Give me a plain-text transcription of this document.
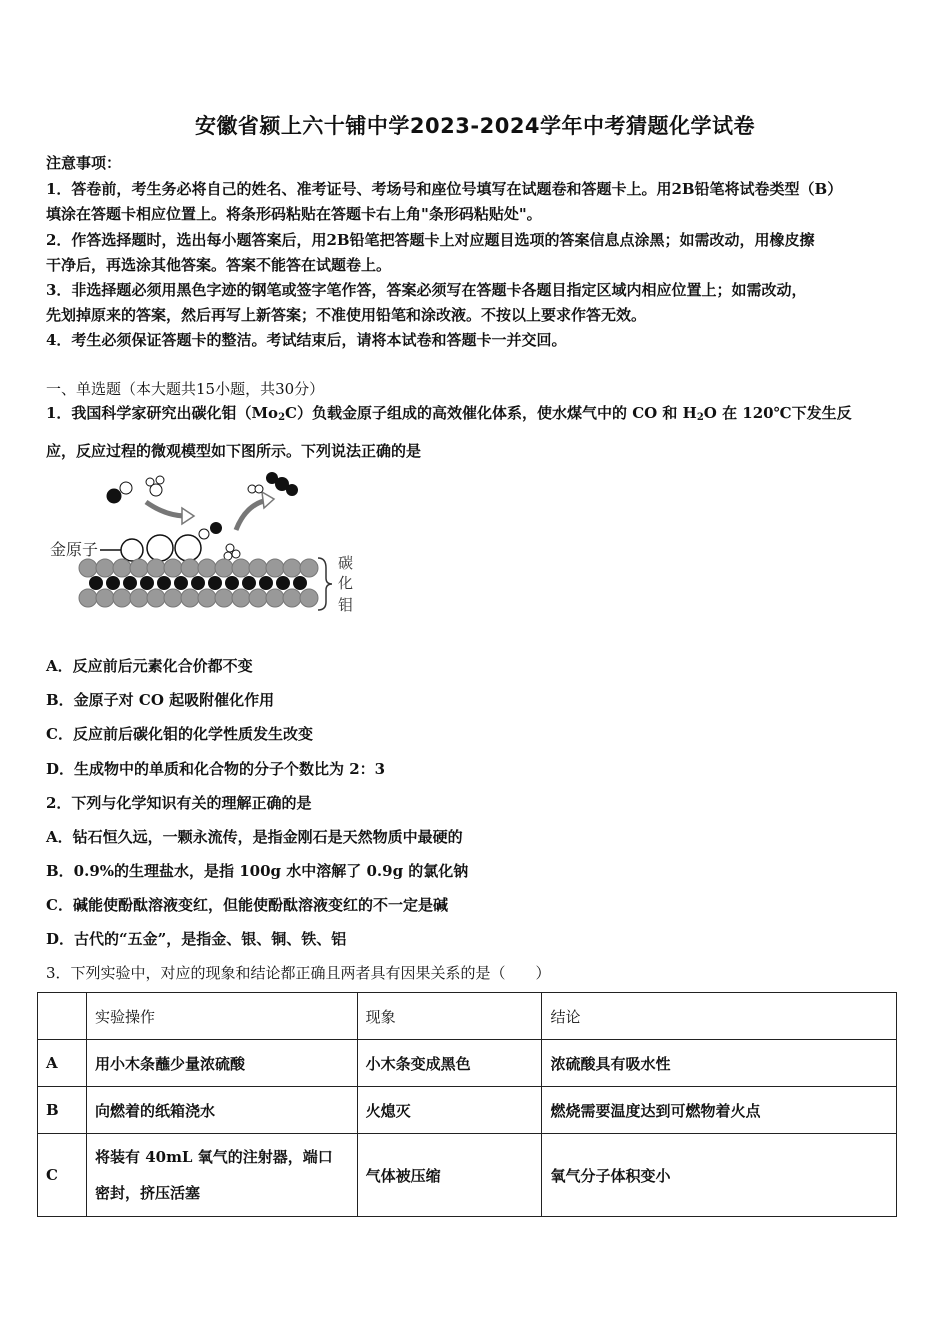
安徽省颍上六十铺中学2023-2024学年中考猜题化学试卷
注意事项：
1．答卷前，考生务必将自己的姓名、准考证号、考场号和座位号填写在试题卷和答题卡上。用2B铅笔将试卷类型（B）
填涂在答题卡相应位置上。将条形码粘贴在答题卡右上角"条形码粘贴处"。
2．作答选择题时，选出每小题答案后，用2B铅笔把答题卡上对应题目选项的答案信息点涂黑；如需改动，用橡皮擦
干净后，再选涂其他答案。答案不能答在试题卷上。
3．非选择题必须用黑色字迹的钢笔或签字笔作答，答案必须写在答题卡各题目指定区域内相应位置上；如需改动，
先划掉原来的答案，然后再写上新答案；不准使用铅笔和涂改液。不按以上要求作答无效。
4．考生必须保证答题卡的整洁。考试结束后，请将本试卷和答题卡一并交回。
一、单选题（本大题共15小题，共30分）
1．我国科学家研究出碳化钼$(Mo_2C)$负载金原子组成的高效催化体系，使水煤气中的 CO 和 $H_2O$ 在 120℃下发生反
应，反应过程的微观模型如下图所示。下列说法正确的是
金原子
碳
化
钼
A．反应前后元素化合价都不变
B．金原子对 CO 起吸附催化作用
C．反应前后碳化钼的化学性质发生改变
D．生成物中的单质和化合物的分子个数比为 2：3
2．下列与化学知识有关的理解正确的是
A．钻石恒久远，一颗永流传，是指金刚石是天然物质中最硬的
B．0.9%的生理盐水，是指 100g 水中溶解了 0.9g 的氯化钠
C．碱能使酚酞溶液变红，但能使酚酞溶液变红的不一定是碱
D．古代的“五金”，是指金、银、铜、铁、铝
3．下列实验中，对应的现象和结论都正确且两者具有因果关系的是（　　）
	实验操作	现象	结论
A	用小木条蘸少量浓硫酸	小木条变成黑色	浓硫酸具有吸水性
B	向燃着的纸箱浇水	火熄灭	燃烧需要温度达到可燃物着火点
C	将装有 40mL 氧气的注射器，端口
密封，挤压活塞	气体被压缩	氧气分子体积变小
